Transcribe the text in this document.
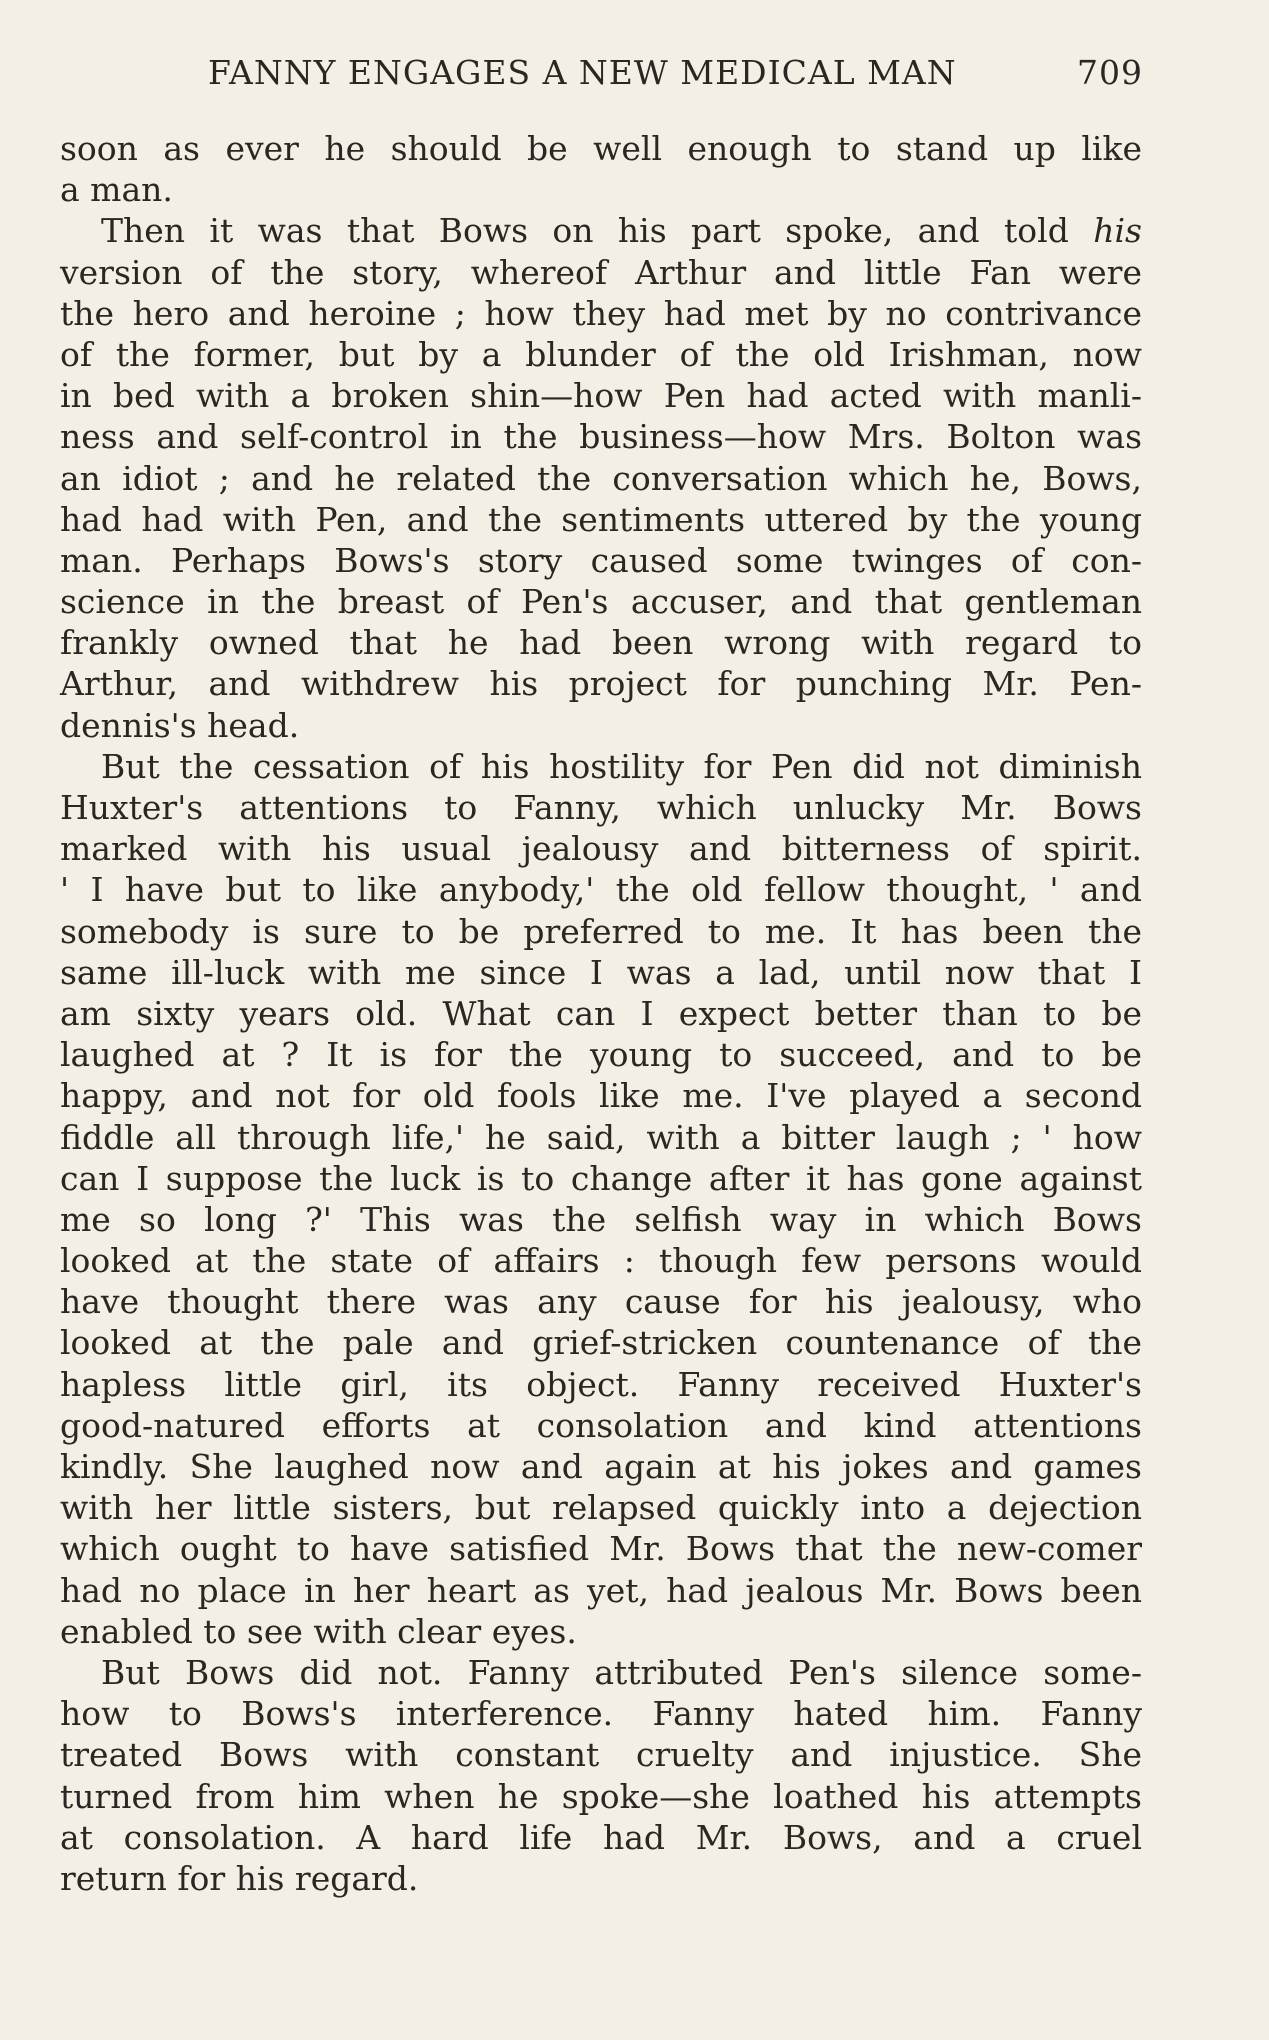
FANNY ENGAGES A NEW MEDICAL MAN	709
soon as ever he should be well enough to stand up like
a man.
Then it was that Bows on his part spoke, and told his
version of the story, whereof Arthur and little Fan were
the hero and heroine ; how they had met by no contrivance
of the former, but by a blunder of the old Irishman, now
in bed with a broken shin—how Pen had acted with manli-
ness and self-control in the business—how Mrs. Bolton was
an idiot ; and he related the conversation which he, Bows,
had had with Pen, and the sentiments uttered by the young
man. Perhaps Bows's story caused some twinges of con-
science in the breast of Pen's accuser, and that gentleman
frankly owned that he had been wrong with regard to
Arthur, and withdrew his project for punching Mr. Pen-
dennis's head.
But the cessation of his hostility for Pen did not diminish
Huxter's attentions to Fanny, which unlucky Mr. Bows
marked with his usual jealousy and bitterness of spirit.
' I have but to like anybody,' the old fellow thought, ' and
somebody is sure to be preferred to me. It has been the
same ill-luck with me since I was a lad, until now that I
am sixty years old. What can I expect better than to be
laughed at ? It is for the young to succeed, and to be
happy, and not for old fools like me. I've played a second
fiddle all through life,' he said, with a bitter laugh ; ' how
can I suppose the luck is to change after it has gone against
me so long ?' This was the selfish way in which Bows
looked at the state of affairs : though few persons would
have thought there was any cause for his jealousy, who
looked at the pale and grief-stricken countenance of the
hapless little girl, its object. Fanny received Huxter's
good-natured efforts at consolation and kind attentions
kindly. She laughed now and again at his jokes and games
with her little sisters, but relapsed quickly into a dejection
which ought to have satisfied Mr. Bows that the new-comer
had no place in her heart as yet, had jealous Mr. Bows been
enabled to see with clear eyes.
But Bows did not. Fanny attributed Pen's silence some-
how to Bows's interference. Fanny hated him. Fanny
treated Bows with constant cruelty and injustice. She
turned from him when he spoke—she loathed his attempts
at consolation. A hard life had Mr. Bows, and a cruel
return for his regard.
